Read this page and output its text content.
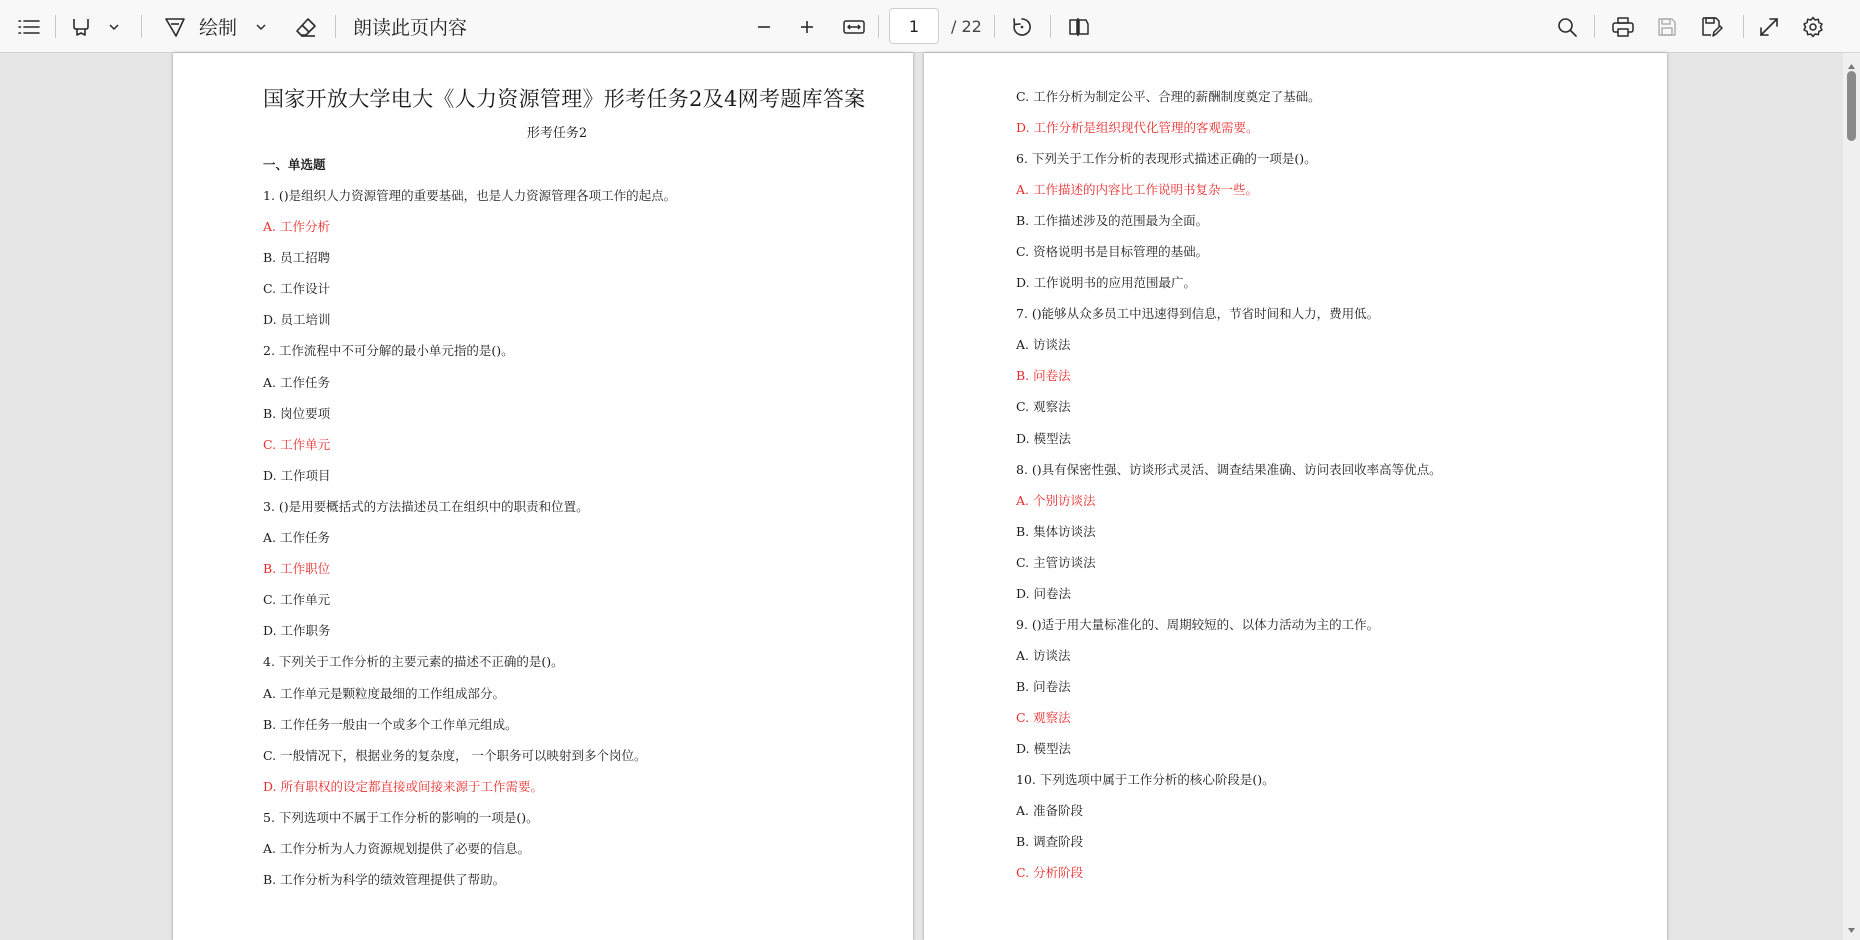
绘制	朗读此页内容
1	/ 22
国家开放大学电大《人力资源管理》形考任务2及4网考题库答案
形考任务2
一、单选题
1. ()是组织人力资源管理的重要基础，也是人力资源管理各项工作的起点。
A. 工作分析
B. 员工招聘
C. 工作设计
D. 员工培训
2. 工作流程中不可分解的最小单元指的是()。
A. 工作任务
B. 岗位要项
C. 工作单元
D. 工作项目
3. ()是用要概括式的方法描述员工在组织中的职责和位置。
A. 工作任务
B. 工作职位
C. 工作单元
D. 工作职务
4. 下列关于工作分析的主要元素的描述不正确的是()。
A. 工作单元是颗粒度最细的工作组成部分。
B. 工作任务一般由一个或多个工作单元组成。
C. 一般情况下，根据业务的复杂度， 一个职务可以映射到多个岗位。
D. 所有职权的设定都直接或间接来源于工作需要。
5. 下列选项中不属于工作分析的影响的一项是()。
A. 工作分析为人力资源规划提供了必要的信息。
B. 工作分析为科学的绩效管理提供了帮助。
C. 工作分析为制定公平、合理的薪酬制度奠定了基础。
D. 工作分析是组织现代化管理的客观需要。
6. 下列关于工作分析的表现形式描述正确的一项是()。
A. 工作描述的内容比工作说明书复杂一些。
B. 工作描述涉及的范围最为全面。
C. 资格说明书是目标管理的基础。
D. 工作说明书的应用范围最广。
7. ()能够从众多员工中迅速得到信息，节省时间和人力，费用低。
A. 访谈法
B. 问卷法
C. 观察法
D. 模型法
8. ()具有保密性强、访谈形式灵活、调查结果准确、访问表回收率高等优点。
A. 个别访谈法
B. 集体访谈法
C. 主管访谈法
D. 问卷法
9. ()适于用大量标准化的、周期较短的、以体力活动为主的工作。
A. 访谈法
B. 问卷法
C. 观察法
D. 模型法
10. 下列选项中属于工作分析的核心阶段是()。
A. 准备阶段
B. 调查阶段
C. 分析阶段
